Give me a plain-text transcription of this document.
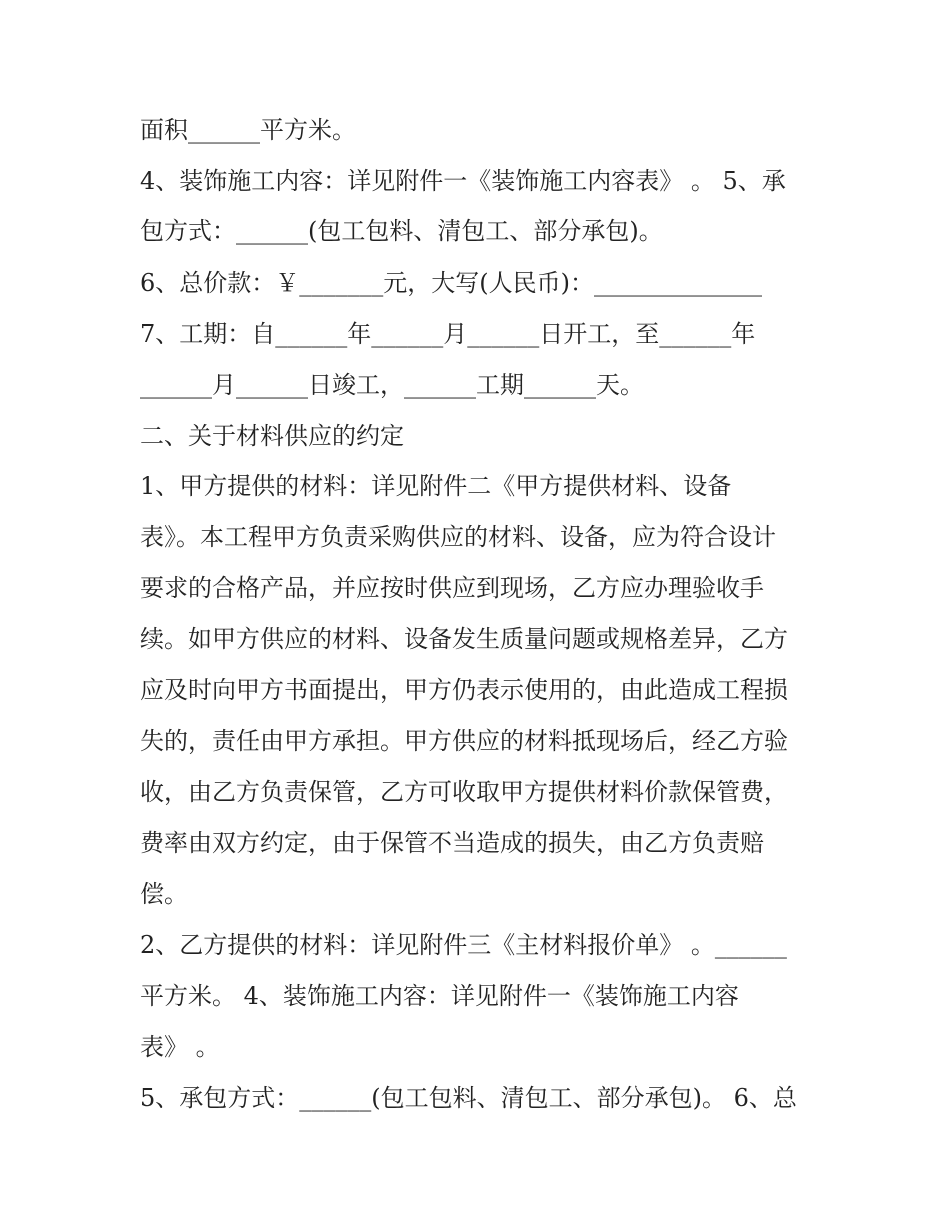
面积______平方米。

4、装饰施工内容：详见附件一《装饰施工内容表》 。 5、承

包方式：______(包工包料、清包工、部分承包)。

6、总价款：￥_______元，大写(人民币)：______________

7、工期：自______年______月______日开工，至______年

______月______日竣工，______工期______天。

二、关于材料供应的约定

1、甲方提供的材料：详见附件二《甲方提供材料、设备

表》。本工程甲方负责采购供应的材料、设备，应为符合设计

要求的合格产品，并应按时供应到现场，乙方应办理验收手

续。如甲方供应的材料、设备发生质量问题或规格差异，乙方

应及时向甲方书面提出，甲方仍表示使用的，由此造成工程损

失的，责任由甲方承担。甲方供应的材料抵现场后，经乙方验

收，由乙方负责保管，乙方可收取甲方提供材料价款保管费，

费率由双方约定，由于保管不当造成的损失，由乙方负责赔

偿。

2、乙方提供的材料：详见附件三《主材料报价单》 。______

平方米。 4、装饰施工内容：详见附件一《装饰施工内容

表》 。

5、承包方式：______(包工包料、清包工、部分承包)。 6、总
